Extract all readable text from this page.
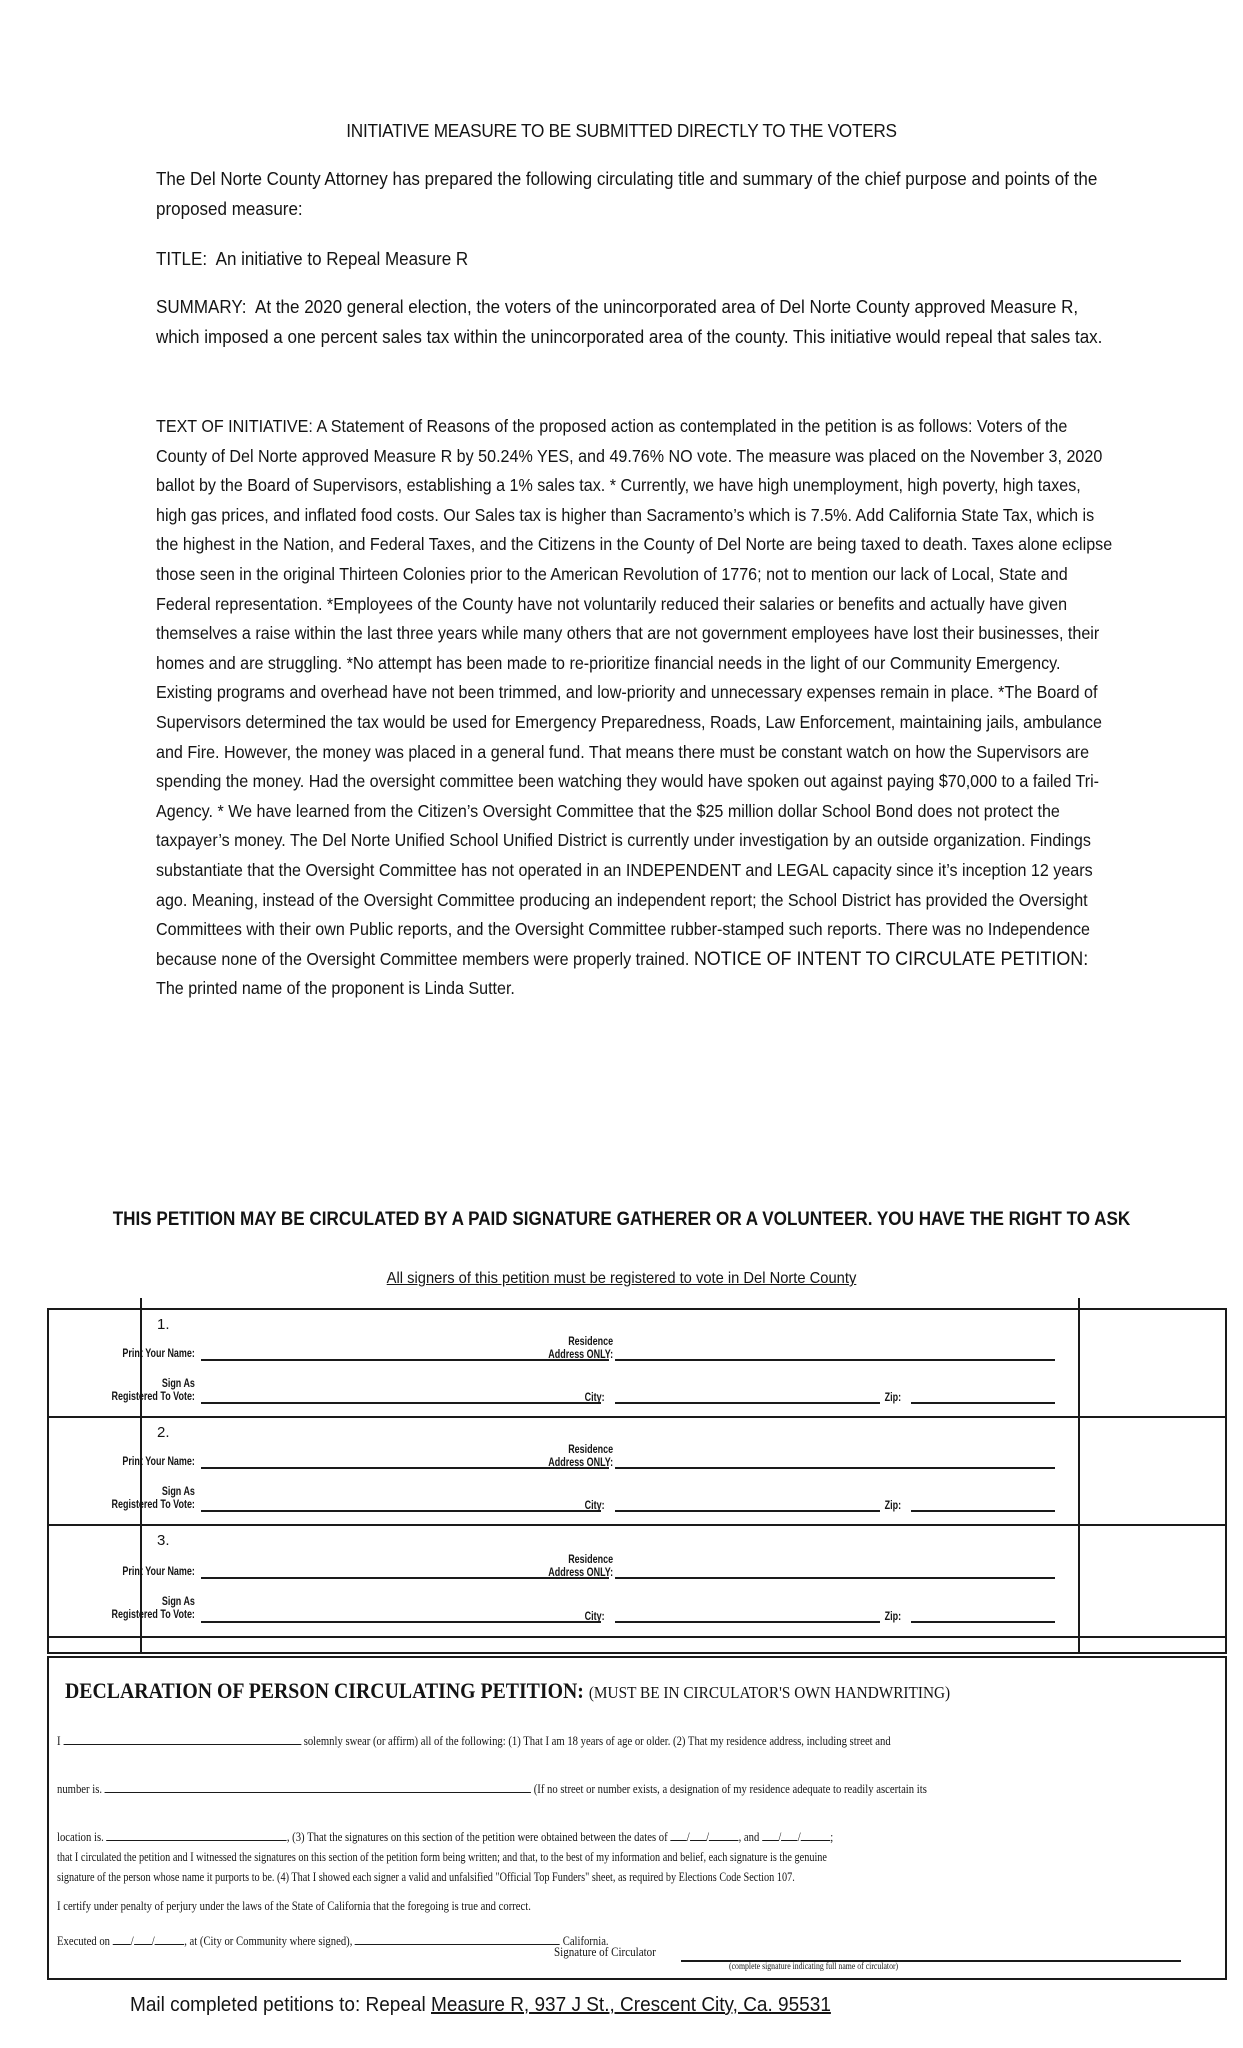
INITIATIVE MEASURE TO BE SUBMITTED DIRECTLY TO THE VOTERS
The Del Norte County Attorney has prepared the following circulating title and summary of the chief purpose and points of the proposed measure:
TITLE: An initiative to Repeal Measure R
SUMMARY: At the 2020 general election, the voters of the unincorporated area of Del Norte County approved Measure R, which imposed a one percent sales tax within the unincorporated area of the county. This initiative would repeal that sales tax.
TEXT OF INITIATIVE: A Statement of Reasons of the proposed action as contemplated in the petition is as follows: Voters of the County of Del Norte approved Measure R by 50.24% YES, and 49.76% NO vote. The measure was placed on the November 3, 2020 ballot by the Board of Supervisors, establishing a 1% sales tax. * Currently, we have high unemployment, high poverty, high taxes, high gas prices, and inflated food costs. Our Sales tax is higher than Sacramento’s which is 7.5%. Add California State Tax, which is the highest in the Nation, and Federal Taxes, and the Citizens in the County of Del Norte are being taxed to death. Taxes alone eclipse those seen in the original Thirteen Colonies prior to the American Revolution of 1776; not to mention our lack of Local, State and Federal representation. *Employees of the County have not voluntarily reduced their salaries or benefits and actually have given themselves a raise within the last three years while many others that are not government employees have lost their businesses, their homes and are struggling. *No attempt has been made to re-prioritize financial needs in the light of our Community Emergency. Existing programs and overhead have not been trimmed, and low-priority and unnecessary expenses remain in place. *The Board of Supervisors determined the tax would be used for Emergency Preparedness, Roads, Law Enforcement, maintaining jails, ambulance and Fire. However, the money was placed in a general fund. That means there must be constant watch on how the Supervisors are spending the money. Had the oversight committee been watching they would have spoken out against paying $70,000 to a failed Tri-Agency. * We have learned from the Citizen’s Oversight Committee that the $25 million dollar School Bond does not protect the taxpayer’s money. The Del Norte Unified School Unified District is currently under investigation by an outside organization. Findings substantiate that the Oversight Committee has not operated in an INDEPENDENT and LEGAL capacity since it’s inception 12 years ago. Meaning, instead of the Oversight Committee producing an independent report; the School District has provided the Oversight Committees with their own Public reports, and the Oversight Committee rubber-stamped such reports. There was no Independence because none of the Oversight Committee members were properly trained. NOTICE OF INTENT TO CIRCULATE PETITION: The printed name of the proponent is Linda Sutter.
THIS PETITION MAY BE CIRCULATED BY A PAID SIGNATURE GATHERER OR A VOLUNTEER. YOU HAVE THE RIGHT TO ASK
All signers of this petition must be registered to vote in Del Norte County
1.
Print Your Name:
Residence
Address ONLY:
Sign As
Registered To Vote:	City:	Zip:
2.
Print Your Name:
Residence
Address ONLY:
Sign As
Registered To Vote:	City:	Zip:
3.
Print Your Name:
Residence
Address ONLY:
Sign As
Registered To Vote:	City:	Zip:
DECLARATION OF PERSON CIRCULATING PETITION: (MUST BE IN CIRCULATOR'S OWN HANDWRITING)
I	solemnly swear (or affirm) all of the following: (1) That I am 18 years of age or older. (2) That my residence address, including street and
number is.	(If no street or number exists, a designation of my residence adequate to readily ascertain its
location is.	, (3) That the signatures on this section of the petition were obtained between the dates of / / , and / / ;
that I circulated the petition and I witnessed the signatures on this section of the petition form being written; and that, to the best of my information and belief, each signature is the genuine
signature of the person whose name it purports to be. (4) That I showed each signer a valid and unfalsified "Official Top Funders" sheet, as required by Elections Code Section 107.
I certify under penalty of perjury under the laws of the State of California that the foregoing is true and correct.
Executed on / / , at (City or Community where signed),	California.
Signature of Circulator
(complete signature indicating full name of circulator)
Mail completed petitions to: Repeal Measure R, 937 J St., Crescent City, Ca. 95531
